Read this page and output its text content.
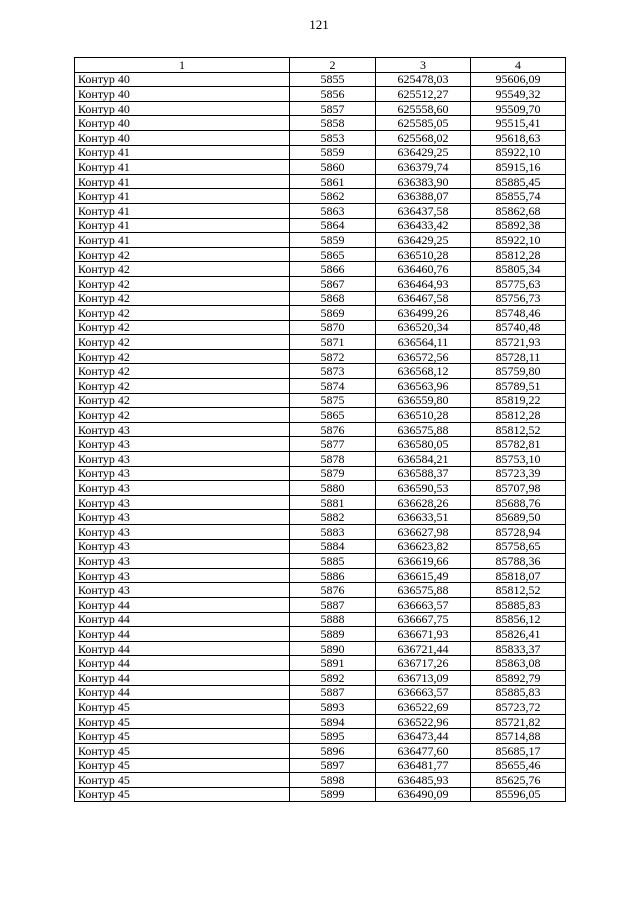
121
1	2	3	4
Контур 40	5855	625478,03	95606,09
Контур 40	5856	625512,27	95549,32
Контур 40	5857	625558,60	95509,70
Контур 40	5858	625585,05	95515,41
Контур 40	5853	625568,02	95618,63
Контур 41	5859	636429,25	85922,10
Контур 41	5860	636379,74	85915,16
Контур 41	5861	636383,90	85885,45
Контур 41	5862	636388,07	85855,74
Контур 41	5863	636437,58	85862,68
Контур 41	5864	636433,42	85892,38
Контур 41	5859	636429,25	85922,10
Контур 42	5865	636510,28	85812,28
Контур 42	5866	636460,76	85805,34
Контур 42	5867	636464,93	85775,63
Контур 42	5868	636467,58	85756,73
Контур 42	5869	636499,26	85748,46
Контур 42	5870	636520,34	85740,48
Контур 42	5871	636564,11	85721,93
Контур 42	5872	636572,56	85728,11
Контур 42	5873	636568,12	85759,80
Контур 42	5874	636563,96	85789,51
Контур 42	5875	636559,80	85819,22
Контур 42	5865	636510,28	85812,28
Контур 43	5876	636575,88	85812,52
Контур 43	5877	636580,05	85782,81
Контур 43	5878	636584,21	85753,10
Контур 43	5879	636588,37	85723,39
Контур 43	5880	636590,53	85707,98
Контур 43	5881	636628,26	85688,76
Контур 43	5882	636633,51	85689,50
Контур 43	5883	636627,98	85728,94
Контур 43	5884	636623,82	85758,65
Контур 43	5885	636619,66	85788,36
Контур 43	5886	636615,49	85818,07
Контур 43	5876	636575,88	85812,52
Контур 44	5887	636663,57	85885,83
Контур 44	5888	636667,75	85856,12
Контур 44	5889	636671,93	85826,41
Контур 44	5890	636721,44	85833,37
Контур 44	5891	636717,26	85863,08
Контур 44	5892	636713,09	85892,79
Контур 44	5887	636663,57	85885,83
Контур 45	5893	636522,69	85723,72
Контур 45	5894	636522,96	85721,82
Контур 45	5895	636473,44	85714,88
Контур 45	5896	636477,60	85685,17
Контур 45	5897	636481,77	85655,46
Контур 45	5898	636485,93	85625,76
Контур 45	5899	636490,09	85596,05
